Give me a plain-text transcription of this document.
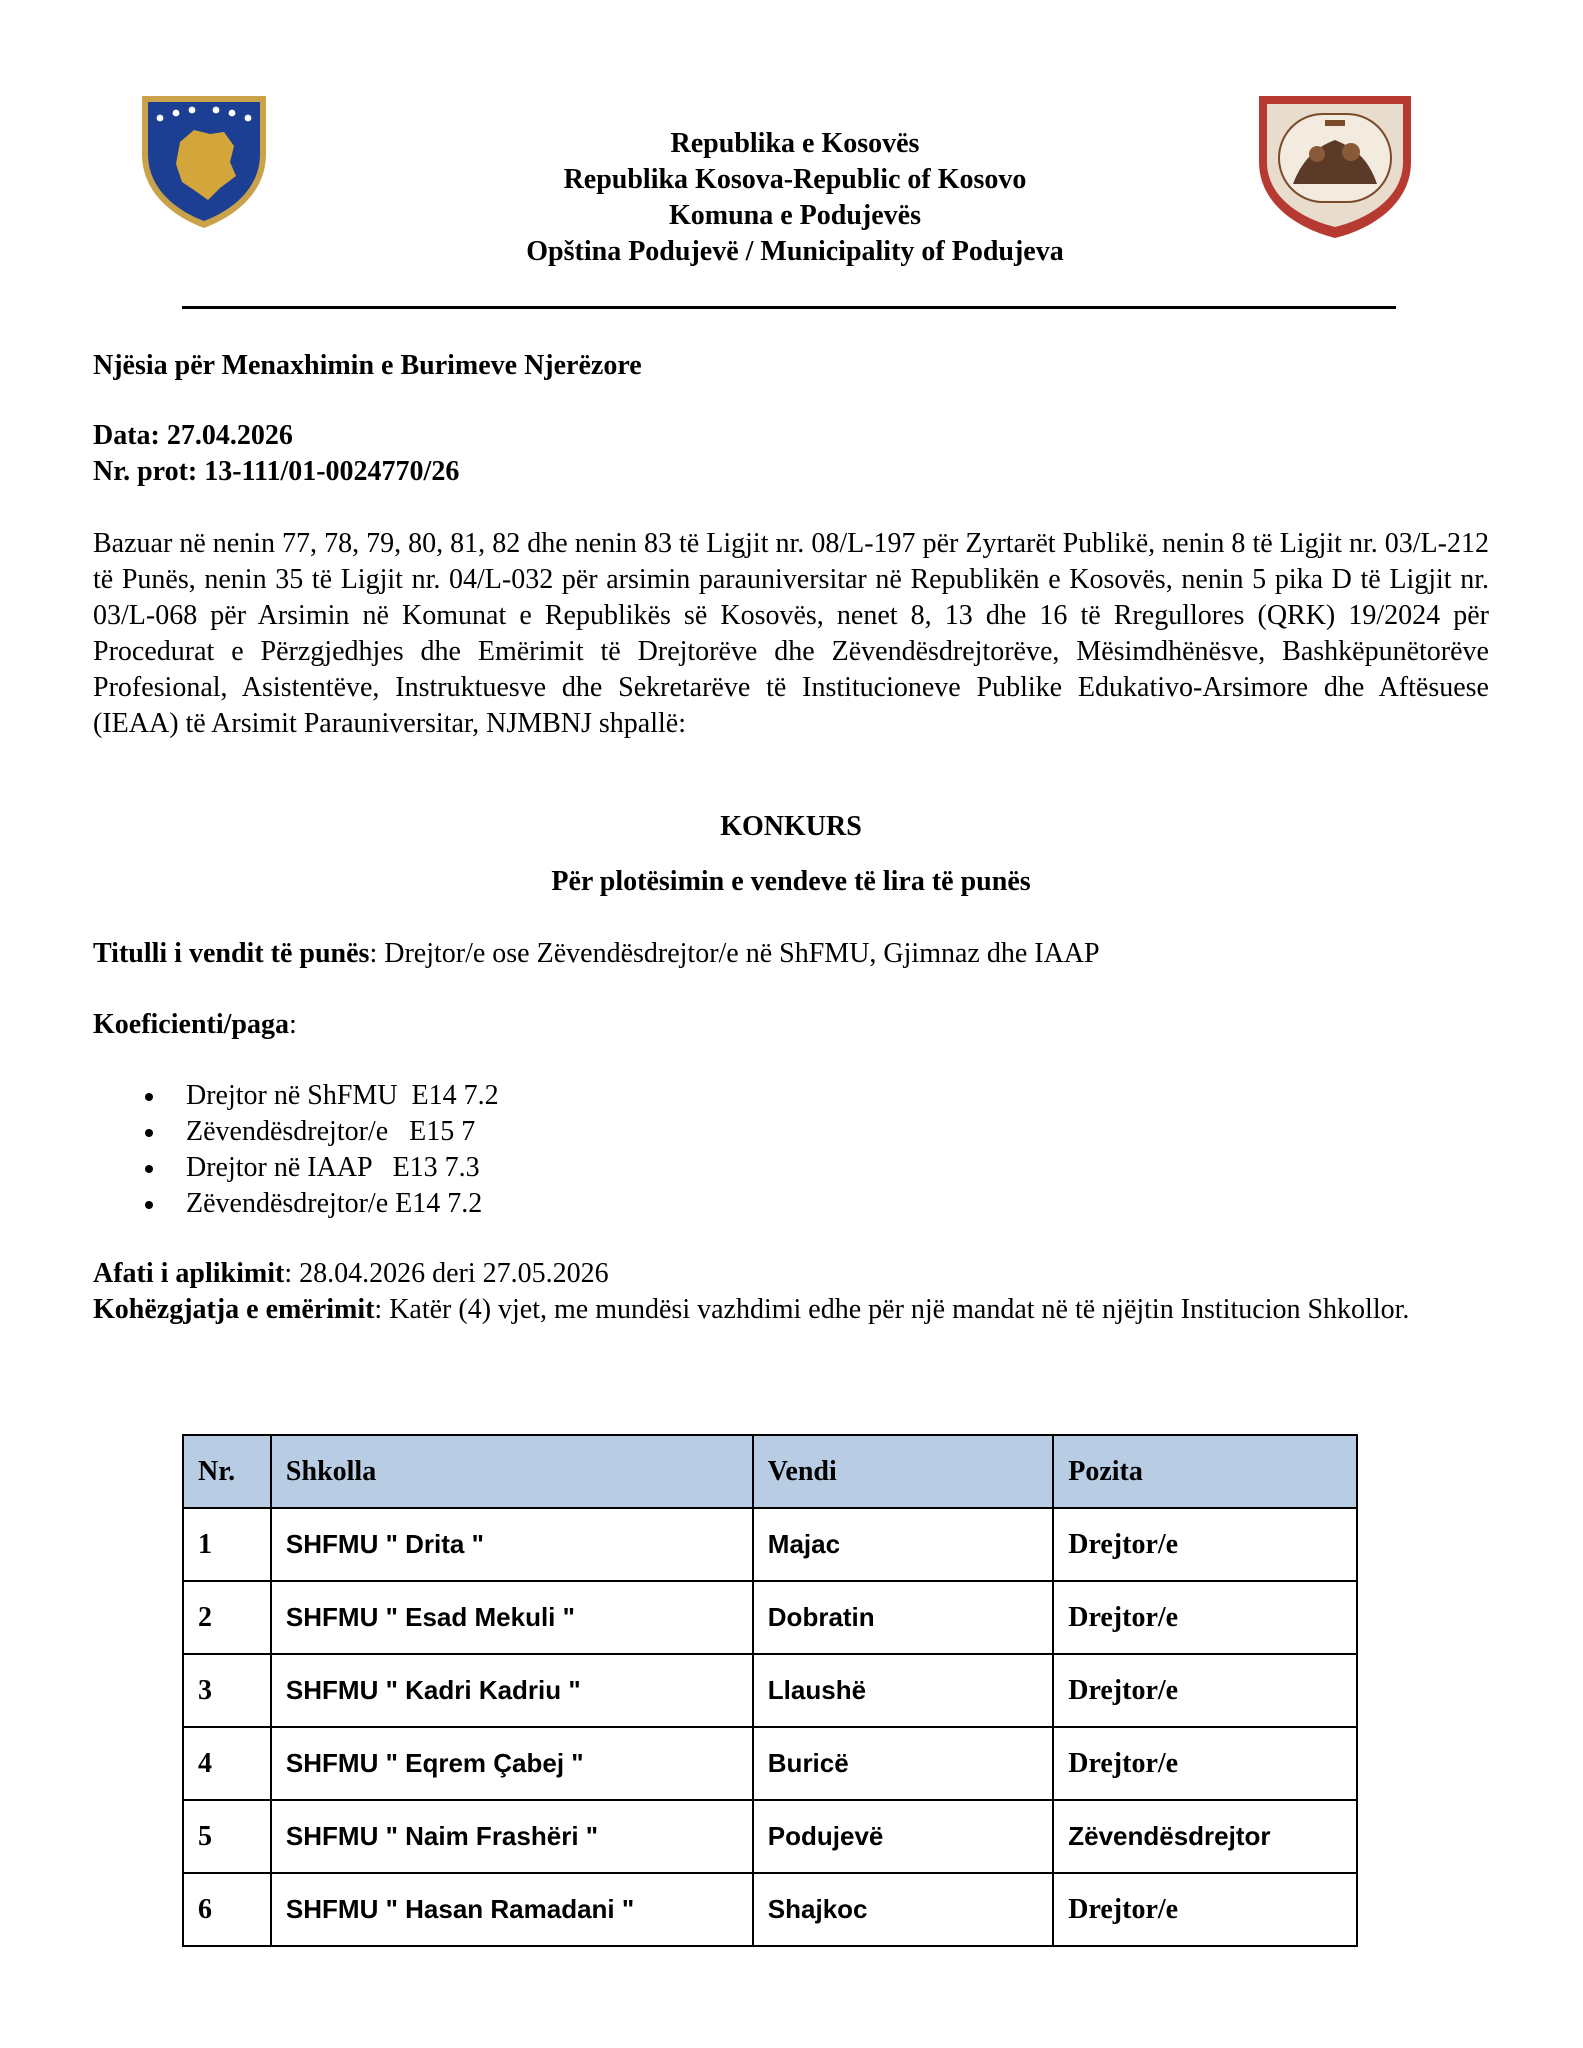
Republika e Kosovës
Republika Kosova-Republic of Kosovo
Komuna e Podujevës
Opština Podujevë / Municipality of Podujeva
Njësia për Menaxhimin e Burimeve Njerëzore
Data: 27.04.2026
Nr. prot: 13-111/01-0024770/26
Bazuar në nenin 77, 78, 79, 80, 81, 82 dhe nenin 83 të Ligjit nr. 08/L-197 për Zyrtarët Publikë, nenin 8 të Ligjit nr. 03/L-212 të Punës, nenin 35 të Ligjit nr. 04/L-032 për arsimin parauniversitar në Republikën e Kosovës, nenin 5 pika D të Ligjit nr. 03/L-068 për Arsimin në Komunat e Republikës së Kosovës, nenet 8, 13 dhe 16 të Rregullores (QRK) 19/2024 për Procedurat e Përzgjedhjes dhe Emërimit të Drejtorëve dhe Zëvendësdrejtorëve, Mësimdhënësve, Bashkëpunëtorëve Profesional, Asistentëve, Instruktuesve dhe Sekretarëve të Institucioneve Publike Edukativo-Arsimore dhe Aftësuese (IEAA) të Arsimit Parauniversitar, NJMBNJ shpallë:
KONKURS
Për plotësimin e vendeve të lira të punës
Titulli i vendit të punës: Drejtor/e ose Zëvendësdrejtor/e në ShFMU, Gjimnaz dhe IAAP
Koeficienti/paga:
Drejtor në ShFMU  E14 7.2
Zëvendësdrejtor/e   E15 7
Drejtor në IAAP   E13 7.3
Zëvendësdrejtor/e E14 7.2
Afati i aplikimit: 28.04.2026 deri 27.05.2026
Kohëzgjatja e emërimit: Katër (4) vjet, me mundësi vazhdimi edhe për një mandat në të njëjtin Institucion Shkollor.
Nr.	Shkolla	Vendi	Pozita
1	SHFMU " Drita "	Majac	Drejtor/e
2	SHFMU " Esad Mekuli "	Dobratin	Drejtor/e
3	SHFMU " Kadri Kadriu "	Llaushë	Drejtor/e
4	SHFMU " Eqrem Çabej "	Buricë	Drejtor/e
5	SHFMU " Naim Frashëri "	Podujevë	Zëvendësdrejtor
6	SHFMU " Hasan Ramadani "	Shajkoc	Drejtor/e
